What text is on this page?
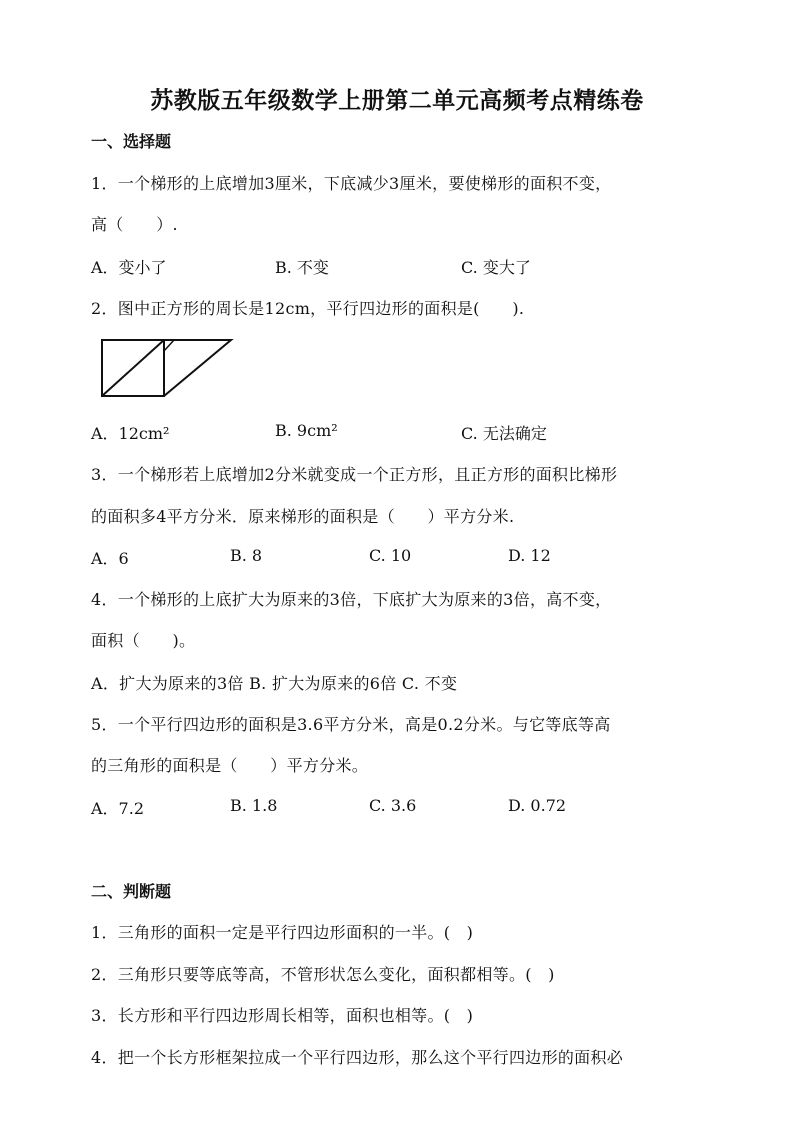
苏教版五年级数学上册第二单元高频考点精练卷
一、选择题
1．一个梯形的上底增加3厘米，下底减少3厘米，要使梯形的面积不变，
高（　　）.
A．变小了	B. 不变	C. 变大了
2．图中正方形的周长是12cm，平行四边形的面积是(　　).
A．12cm²	B. 9cm²	C. 无法确定
3．一个梯形若上底增加2分米就变成一个正方形，且正方形的面积比梯形
的面积多4平方分米．原来梯形的面积是（　　）平方分米.
A．6	B. 8	C. 10	D. 12
4．一个梯形的上底扩大为原来的3倍，下底扩大为原来的3倍，高不变，
面积（　　)。
A．扩大为原来的3倍 B. 扩大为原来的6倍 C. 不变
5．一个平行四边形的面积是3.6平方分米，高是0.2分米。与它等底等高
的三角形的面积是（　　）平方分米。
A．7.2	B. 1.8	C. 3.6	D. 0.72
二、判断题
1．三角形的面积一定是平行四边形面积的一半。(　)
2．三角形只要等底等高，不管形状怎么变化，面积都相等。(　)
3．长方形和平行四边形周长相等，面积也相等。(　)
4．把一个长方形框架拉成一个平行四边形，那么这个平行四边形的面积必
